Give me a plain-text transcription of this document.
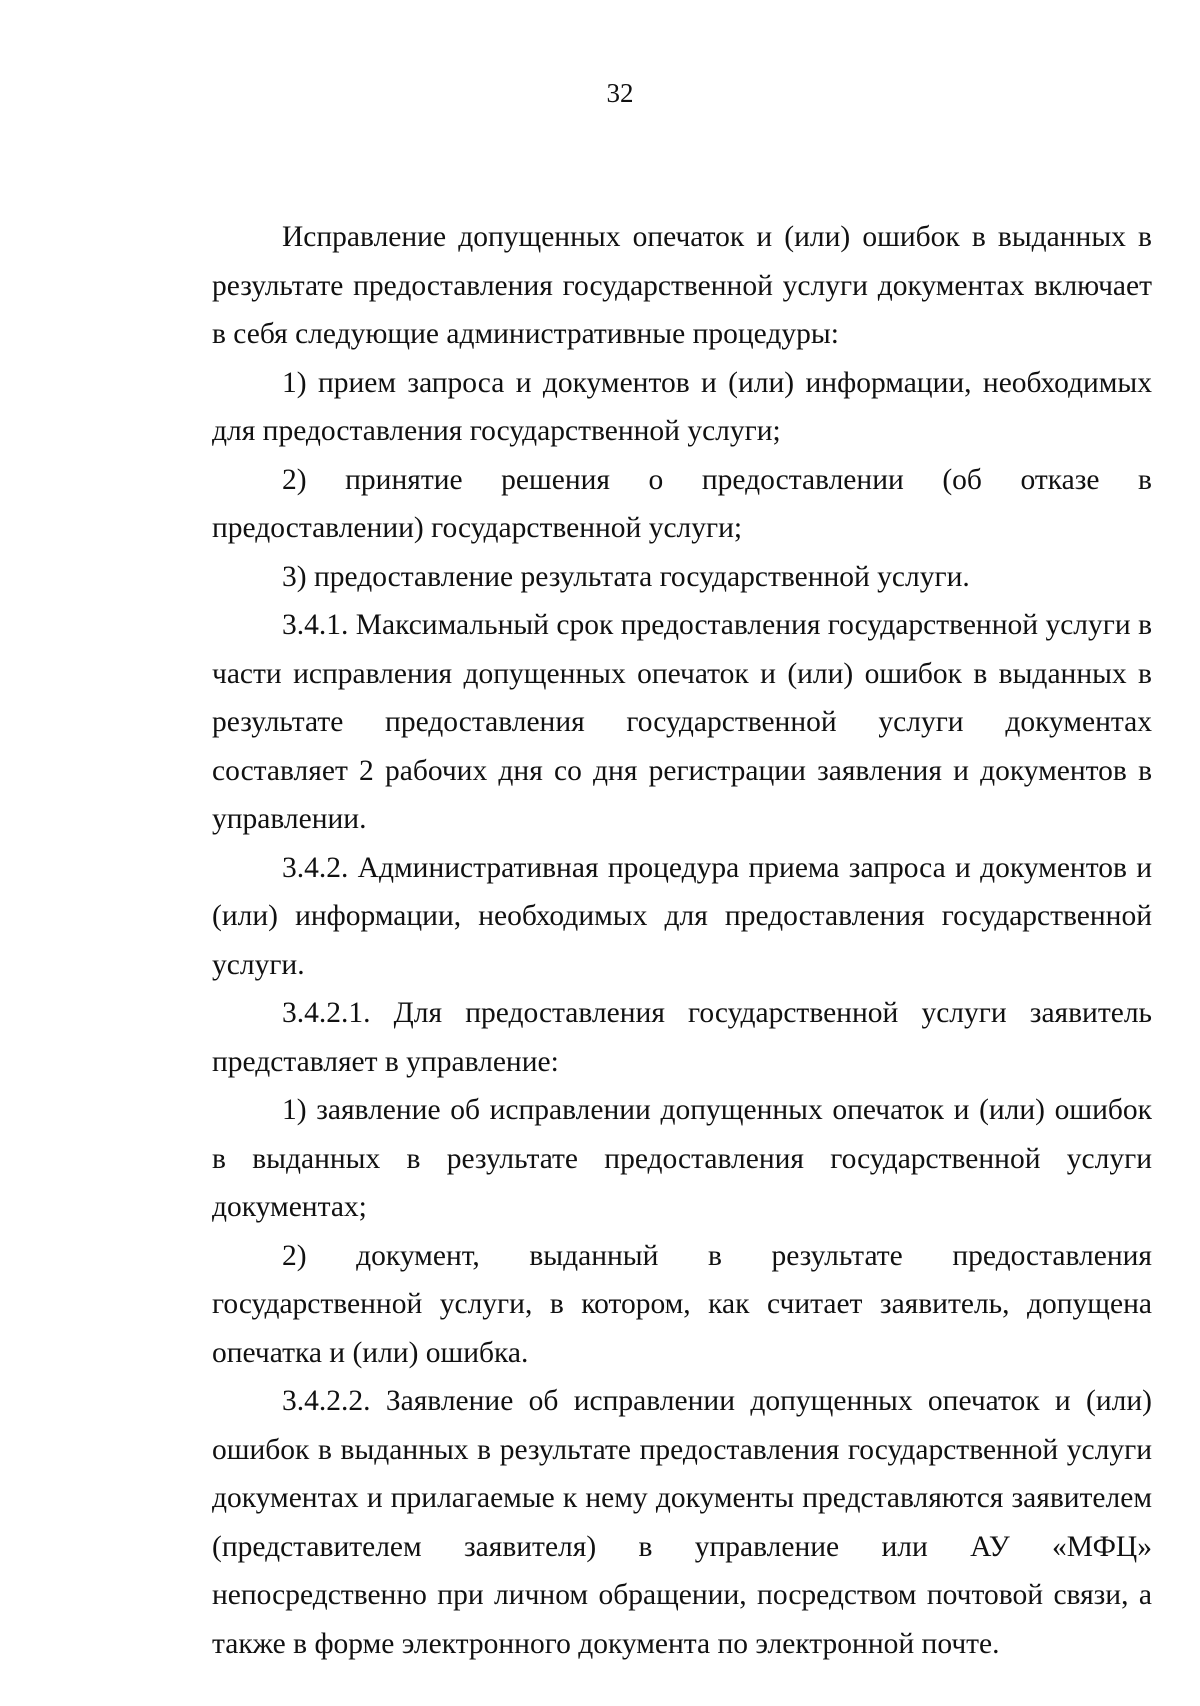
32

Исправление допущенных опечаток и (или) ошибок в выданных в результате предоставления государственной услуги документах включает в себя следующие административные процедуры:

1) прием запроса и документов и (или) информации, необходимых для предоставления государственной услуги;

2) принятие решения о предоставлении (об отказе в предоставлении) государственной услуги;

3) предоставление результата государственной услуги.

3.4.1. Максимальный срок предоставления государственной услуги в части исправления допущенных опечаток и (или) ошибок в выданных в результате предоставления государственной услуги документах составляет 2 рабочих дня со дня регистрации заявления и документов в управлении.

3.4.2. Административная процедура приема запроса и документов и (или) информации, необходимых для предоставления государственной услуги.

3.4.2.1. Для предоставления государственной услуги заявитель представляет в управление:

1) заявление об исправлении допущенных опечаток и (или) ошибок в выданных в результате предоставления государственной услуги документах;

2) документ, выданный в результате предоставления государственной услуги, в котором, как считает заявитель, допущена опечатка и (или) ошибка.

3.4.2.2. Заявление об исправлении допущенных опечаток и (или) ошибок в выданных в результате предоставления государственной услуги документах и прилагаемые к нему документы представляются заявителем (представителем заявителя) в управление или АУ «МФЦ» непосредственно при личном обращении, посредством почтовой связи, а также в форме электронного документа по электронной почте.
